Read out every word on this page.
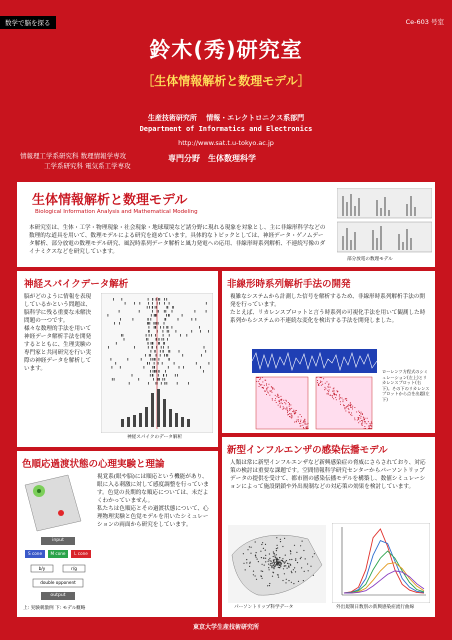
数学で脳を探る	Ce-603 号室
鈴木(秀)研究室
［生体情報解析と数理モデル］
生産技術研究所　 情報・エレクトロニクス系部門
Department of Informatics and Electronics
http://www.sat.t.u-tokyo.ac.jp
情報理工学系研究科 数理情報学専攻
工学系研究科 電気系工学専攻
専門分野　生体数理科学
生体情報解析と数理モデル
Biological Information Analysis and Mathematical Modeling
本研究室は、生体・工学・物理現象・社会現象・地球環境など諸分野に現れる現象を対象とし、主に非線形科学などの数理的な道具を用いて、数理モデルによる研究を進めています。具体的なトピックとしては、神経データ・ゲノムデータ解析、部分放電の数理モデル研究、風況時系列データ解析と風力発電への応用、非線形時系列解析、不連続写像のダイナミクスなどを研究しています。
部分放電の数理モデル
神経スパイクデータ解析
脳がどのように情報を表現しているかという問題は、脳科学に残る重要な未解決問題の一つです。
様々な数理的手法を用いて神経データ解析手法を開発するとともに、生理実験の専門家と共同研究を行い実際の神経データを解析しています。
神経スパイクのデータ解析
非線形時系列解析手法の開発
複雑なシステムから計測した信号を解析するため、非線形時系列解析手法の開発を行っています。
たとえば、リカレンスプロットと言う時系列の可視化手法を用いて観測した時系列からシステムの不連続な変化を検出する手法を開発しました。
ローレンツ方程式のシミュレーション(左上)とリカレンスプロット(右下)。その下のリカレンスプロットから点を出題(左下)
色順応過渡状態の心理実験と理論
input
S cone	M cone	L cone
b/y	r/g
double opponent
output
視覚系(眼や脳)には順応という機能があり、眼に入る刺激に対して感度調整を行っています。色覚の長期的な順応については、未だよくわかっていません。
私たちは色順応とその過渡状態について、心理物理実験と色覚モデルを用いたシミュレーションの両面から研究をしています。
上: 実験刺激例 下: モデル概略
新型インフルエンザの感染伝播モデル
人類は常に新型インフルエンザなど新興感染症の脅威にさらされており、対応策の検討は重要な課題です。空間情報科学研究センターからパーソントリップデータの提供を受けて、都市圏の感染伝播モデルを構築し、数値シミュレーションによって施設閉鎖や外出規制などの対応策の効果を検討しています。
パーソントリップ科学データ	外出規制日数別の新興感染症流行曲線
東京大学生産技術研究所
